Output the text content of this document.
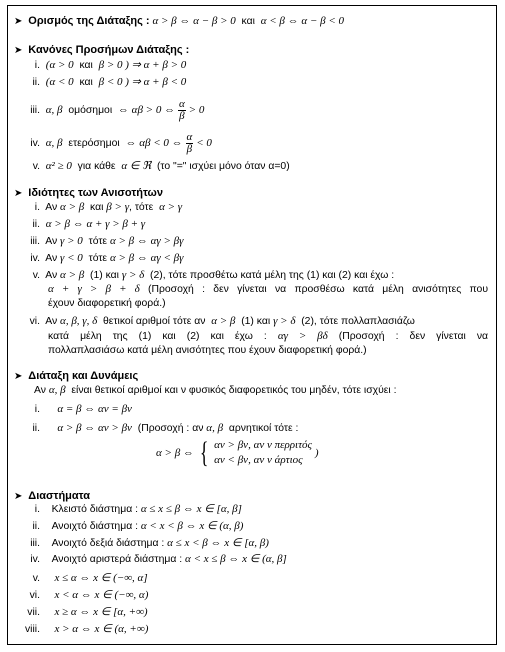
➤ Ορισμός της Διάταξης : α > β ⇔ α − β > 0 και α < β ⇔ α − β < 0
➤ Κανόνες Προσήμων Διάταξης :
i. (α > 0 και β > 0 ) ⇒ α + β > 0
ii. (α < 0 και β < 0 ) ⇒ α + β < 0
iii. α, β ομόσημοι ⇔ αβ > 0 ⇔ $\frac{\alpha}{\beta} > 0$
iv. α, β ετερόσημοι ⇔ αβ < 0 ⇔ $\frac{\alpha}{\beta} < 0$
v. α² ≥ 0 για κάθε α ∈ ℜ (το "=" ισχύει μόνο όταν α=0)
➤ Ιδιότητες των Ανισοτήτων
i. Αν α > β και β > γ, τότε α > γ
ii. α > β ⇔ α + γ > β + γ
iii. Αν γ > 0 τότε α > β ⇔ αγ > βγ
iv. Αν γ < 0 τότε α > β ⇔ αγ < βγ
v. Αν α > β (1) και γ > δ (2), τότε προσθέτω κατά μέλη της (1) και (2) και έχω :
α + γ > β + δ (Προσοχή : δεν γίνεται να προσθέσω κατά μέλη ανισότητες που
έχουν διαφορετική φορά.)
vi. Αν α, β, γ, δ θετικοί αριθμοί τότε αν α > β (1) και γ > δ (2), τότε πολλαπλασιάζω
κατά μέλη της (1) και (2) και έχω : αγ > βδ (Προσοχή : δεν γίνεται να
πολλαπλασιάσω κατά μέλη ανισότητες που έχουν διαφορετική φορά.)
➤ Διάταξη και Δυνάμεις
Αν α, β είναι θετικοί αριθμοί και ν φυσικός διαφορετικός του μηδέν, τότε ισχύει :
i. α = β ⇔ αν = βν
ii. α > β ⇔ αν > βν (Προσοχή : αν α, β αρνητικοί τότε :
α > β ⇔ { αν > βν, αν ν περριτός
αν < βν, αν ν άρτιος
)
➤ Διαστήματα
i. Κλειστό διάστημα : α ≤ x ≤ β ⇔ x ∈ [α, β]
ii. Ανοιχτό διάστημα : α < x < β ⇔ x ∈ (α, β)
iii. Ανοιχτό δεξιά διάστημα : α ≤ x < β ⇔ x ∈ [α, β)
iv. Ανοιχτό αριστερά διάστημα : α < x ≤ β ⇔ x ∈ (α, β]
v. x ≤ α ⇔ x ∈ (−∞, α]
vi. x < α ⇔ x ∈ (−∞, α)
vii. x ≥ α ⇔ x ∈ [α, +∞)
viii. x > α ⇔ x ∈ (α, +∞)
